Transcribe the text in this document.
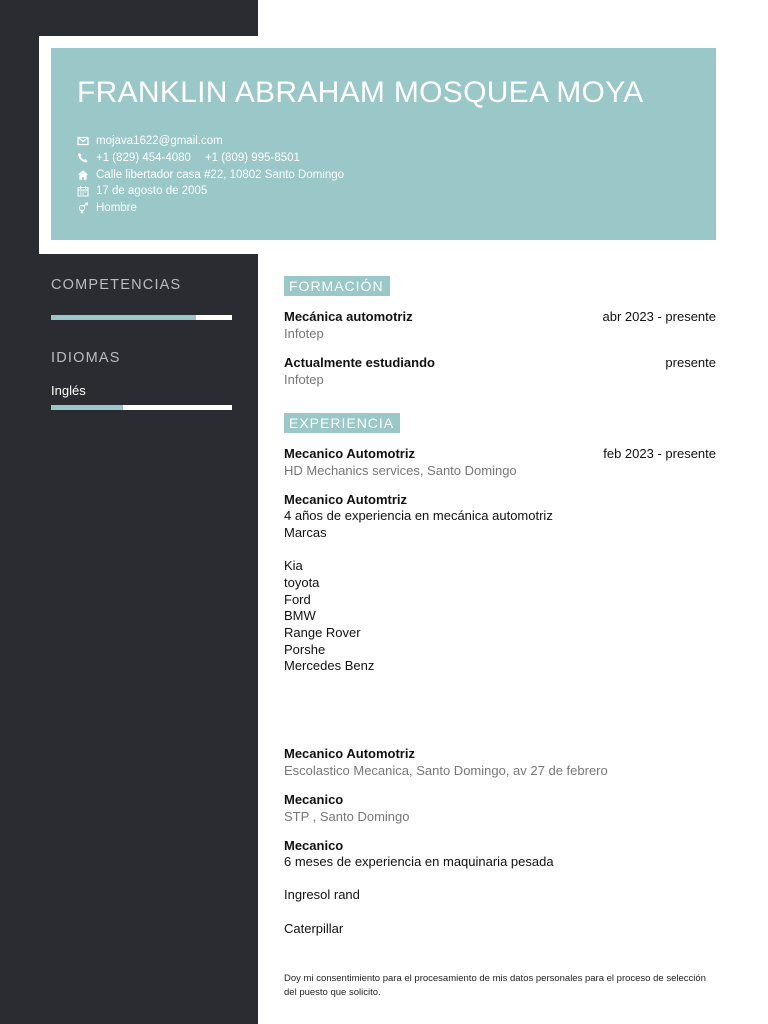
FRANKLIN ABRAHAM MOSQUEA MOYA
mojava1622@gmail.com
+1 (829) 454-4080 +1 (809) 995-8501
Calle libertador casa #22, 10802 Santo Domingo
17 de agosto de 2005
Hombre
COMPETENCIAS
IDIOMAS
Inglés
FORMACIÓN
Mecánica automotriz	abr 2023 - presente
Infotep
Actualmente estudiando	presente
Infotep
EXPERIENCIA
Mecanico Automotriz	feb 2023 - presente
HD Mechanics services, Santo Domingo
Mecanico Automtriz
4 años de experiencia en mecánica automotriz
Marcas

Kia
toyota
Ford
BMW
Range Rover
Porshe
Mercedes Benz
Mecanico Automotriz
Escolastico Mecanica, Santo Domingo, av 27 de febrero
Mecanico
STP , Santo Domingo
Mecanico
6 meses de experiencia en maquinaria pesada

Ingresol rand

Caterpillar
Doy mi consentimiento para el procesamiento de mis datos personales para el proceso de selección del puesto que solicito.
